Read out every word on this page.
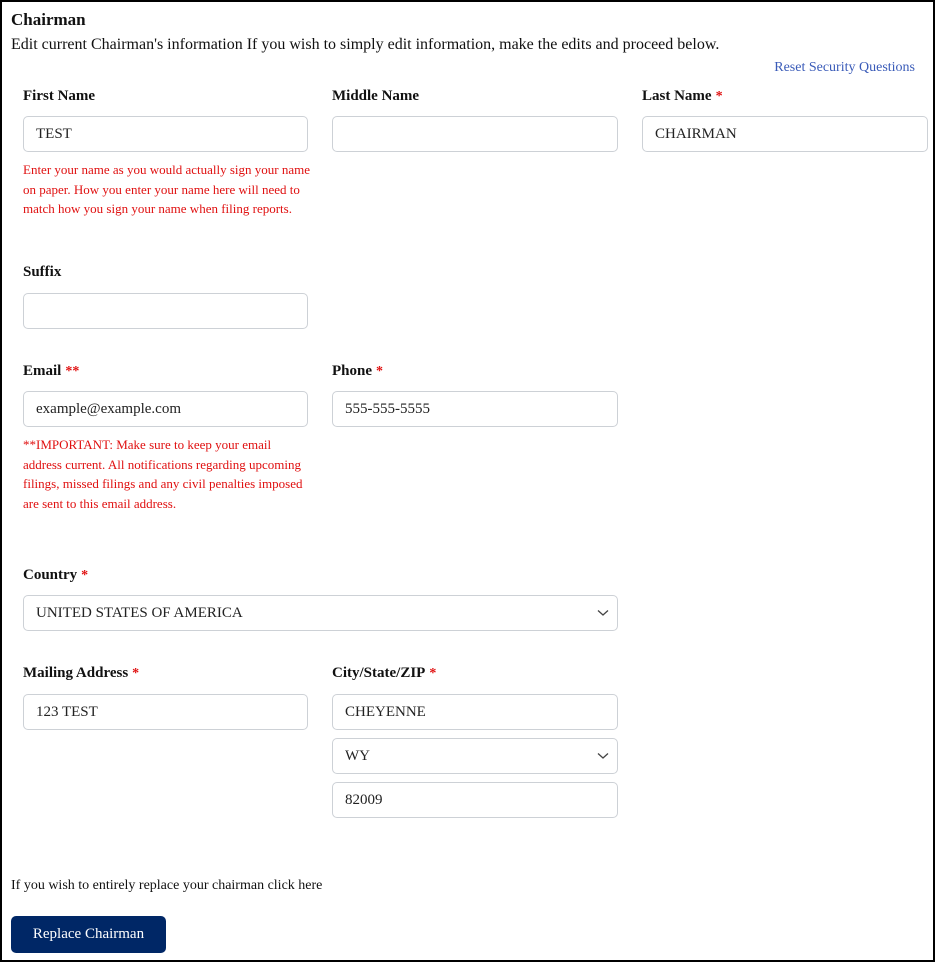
Chairman
Edit current Chairman's information If you wish to simply edit information, make the edits and proceed below.
Reset Security Questions
First Name
TEST
Enter your name as you would actually sign your name on paper. How you enter your name here will need to match how you sign your name when filing reports.
Middle Name	Last Name *
CHAIRMAN
Suffix
Email **
example@example.com
**IMPORTANT: Make sure to keep your email address current. All notifications regarding upcoming filings, missed filings and any civil penalties imposed are sent to this email address.
Phone *
555-555-5555
Country *
UNITED STATES OF AMERICA
Mailing Address *
123 TEST
City/State/ZIP *
CHEYENNE
WY
82009
If you wish to entirely replace your chairman click here
Replace Chairman
